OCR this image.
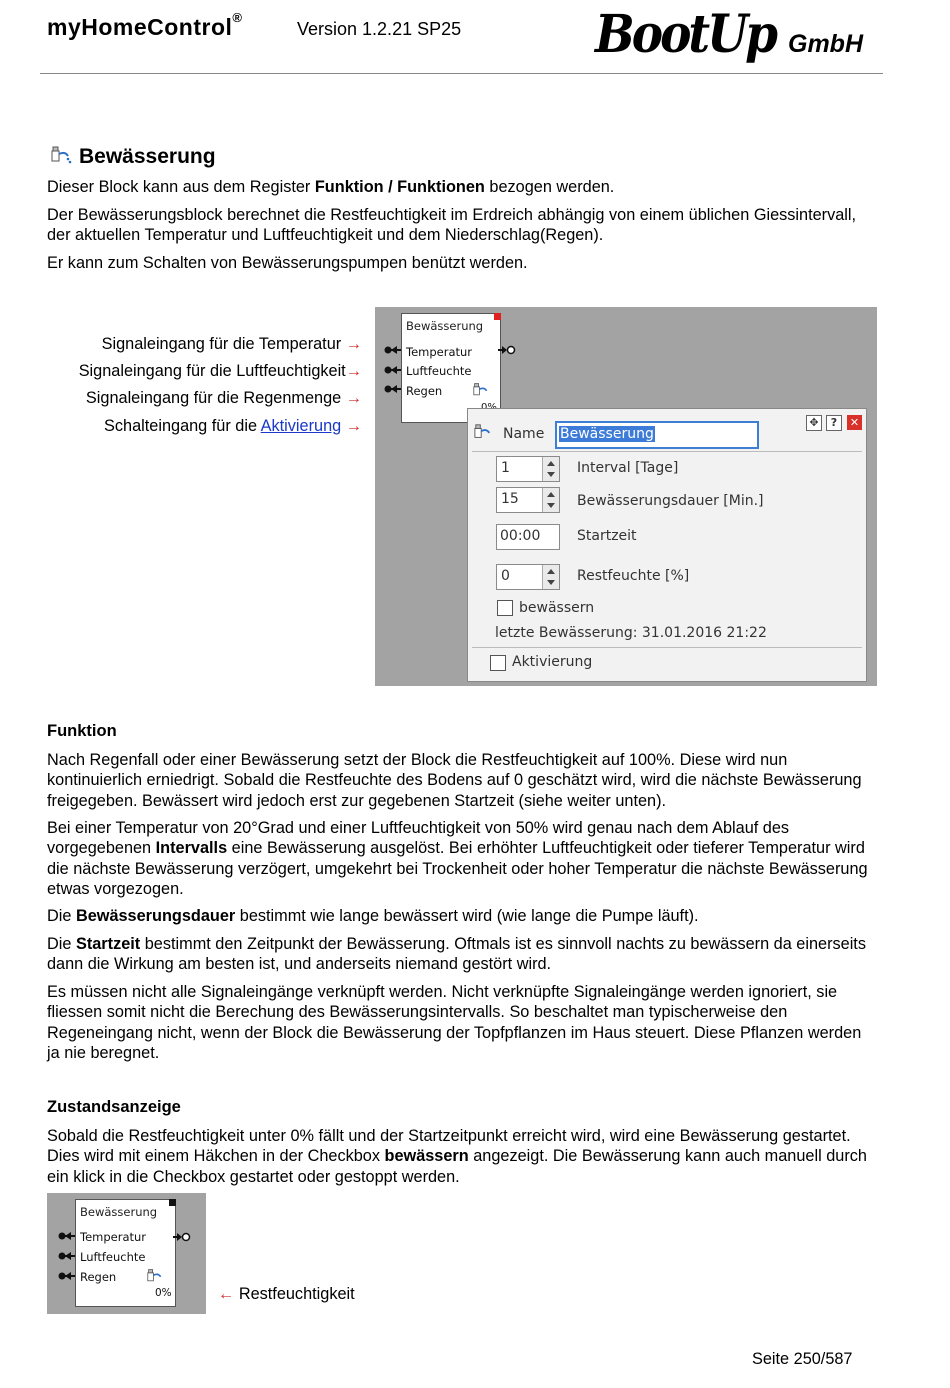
myHomeControl®
Version 1.2.21 SP25	BootUp GmbH
Bewässerung
Dieser Block kann aus dem Register Funktion / Funktionen bezogen werden.
Der Bewässerungsblock berechnet die Restfeuchtigkeit im Erdreich abhängig von einem üblichen Giessintervall, der aktuellen Temperatur und Luftfeuchtigkeit und dem Niederschlag(Regen).
Er kann zum Schalten von Bewässerungspumpen benützt werden.
Signaleingang für die Temperatur →
Signaleingang für die Luftfeuchtigkeit→
Signaleingang für die Regenmenge →
Schalteingang für die Aktivierung →
Bewässerung
Temperatur
Luftfeuchte
Regen
Name Bewässerung
✥	?	✕
1	Interval [Tage]
15	Bewässerungsdauer [Min.]
00:00	Startzeit
0	Restfeuchte [%]
bewässern
letzte Bewässerung: 31.01.2016 21:22
Aktivierung
Funktion
Nach Regenfall oder einer Bewässerung setzt der Block die Restfeuchtigkeit auf 100%. Diese wird nun kontinuierlich erniedrigt. Sobald die Restfeuchte des Bodens auf 0 geschätzt wird, wird die nächste Bewässerung freigegeben. Bewässert wird jedoch erst zur gegebenen Startzeit (siehe weiter unten).
Bei einer Temperatur von 20°Grad und einer Luftfeuchtigkeit von 50% wird genau nach dem Ablauf des vorgegebenen Intervalls eine Bewässerung ausgelöst. Bei erhöhter Luftfeuchtigkeit oder tieferer Temperatur wird die nächste Bewässerung verzögert, umgekehrt bei Trockenheit oder hoher Temperatur die nächste Bewässerung etwas vorgezogen.
Die Bewässerungsdauer bestimmt wie lange bewässert wird (wie lange die Pumpe läuft).
Die Startzeit bestimmt den Zeitpunkt der Bewässerung. Oftmals ist es sinnvoll nachts zu bewässern da einerseits dann die Wirkung am besten ist, und anderseits niemand gestört wird.
Es müssen nicht alle Signaleingänge verknüpft werden. Nicht verknüpfte Signaleingänge werden ignoriert, sie fliessen somit nicht die Berechung des Bewässerungsintervalls. So beschaltet man typischerweise den Regeneingang nicht, wenn der Block die Bewässerung der Topfpflanzen im Haus steuert. Diese Pflanzen werden ja nie beregnet.
Zustandsanzeige
Sobald die Restfeuchtigkeit unter 0% fällt und der Startzeitpunkt erreicht wird, wird eine Bewässerung gestartet. Dies wird mit einem Häkchen in der Checkbox bewässern angezeigt. Die Bewässerung kann auch manuell durch ein klick in die Checkbox gestartet oder gestoppt werden.
Bewässerung
Temperatur
Luftfeuchte
Regen
0%	← Restfeuchtigkeit
Seite 250/587
